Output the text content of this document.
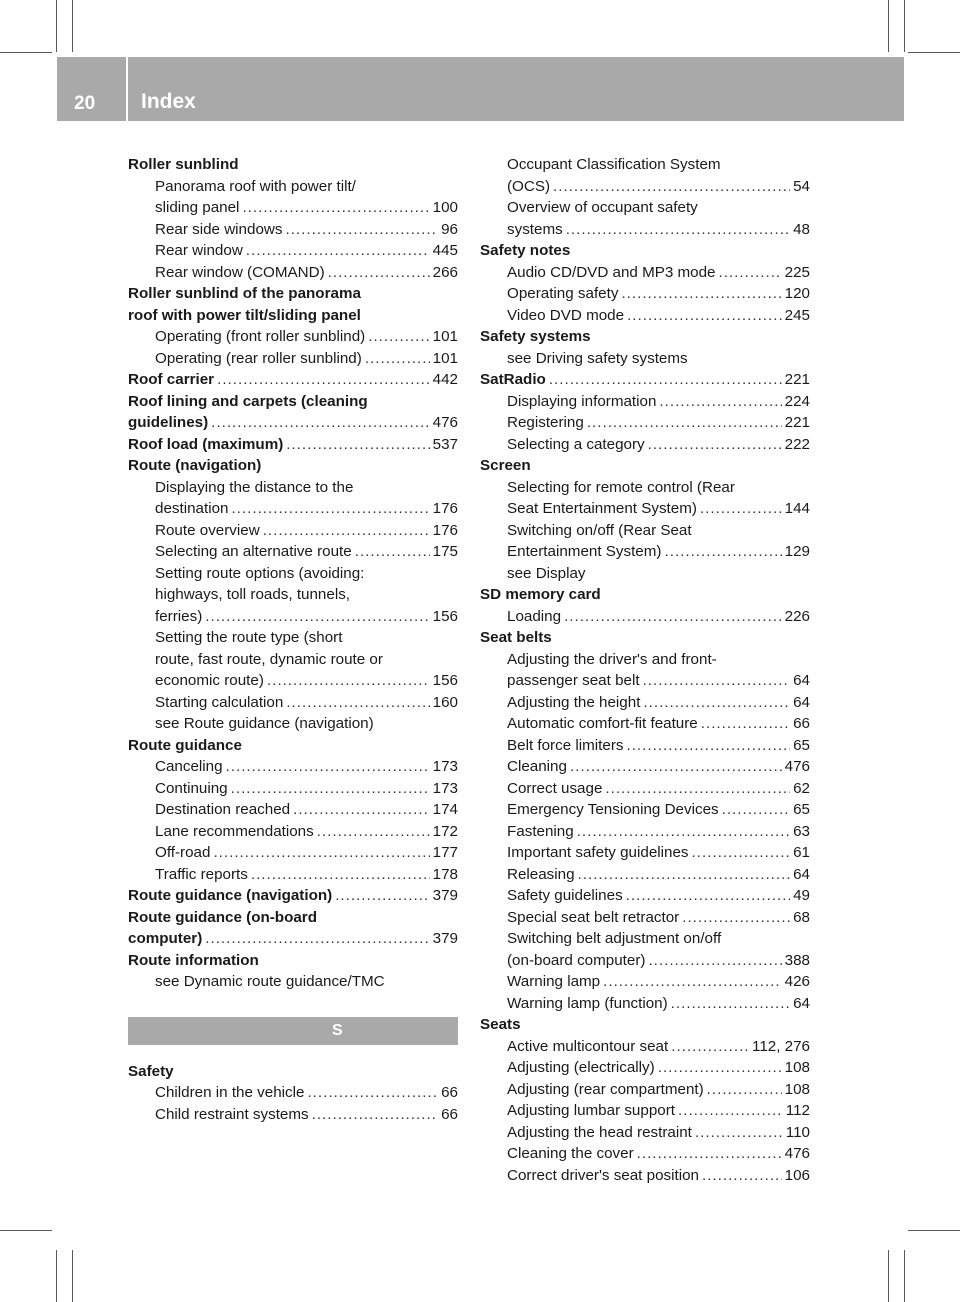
20	Index
Roller sunblind
Panorama roof with power tilt/
sliding panel .....	100
Rear side windows .....	96
Rear window .....	445
Rear window (COMAND) .....	266
Roller sunblind of the panorama
roof with power tilt/sliding panel
Operating (front roller sunblind) .....	101
Operating (rear roller sunblind) .....	101
Roof carrier .....	442
Roof lining and carpets (cleaning
guidelines) .....	476
Roof load (maximum) .....	537
Route (navigation)
Displaying the distance to the
destination .....	176
Route overview .....	176
Selecting an alternative route .....	175
Setting route options (avoiding:
highways, toll roads, tunnels,
ferries) .....	156
Setting the route type (short
route, fast route, dynamic route or
economic route) .....	156
Starting calculation .....	160
see Route guidance (navigation)
Route guidance
Canceling .....	173
Continuing .....	173
Destination reached .....	174
Lane recommendations .....	172
Off-road .....	177
Traffic reports .....	178
Route guidance (navigation) .....	379
Route guidance (on-board
computer) .....	379
Route information
see Dynamic route guidance/TMC
S
Safety
Children in the vehicle .....	66
Child restraint systems .....	66
Occupant Classification System
(OCS) .....	54
Overview of occupant safety
systems .....	48
Safety notes
Audio CD/DVD and MP3 mode .....	225
Operating safety .....	120
Video DVD mode .....	245
Safety systems
see Driving safety systems
SatRadio .....	221
Displaying information .....	224
Registering .....	221
Selecting a category .....	222
Screen
Selecting for remote control (Rear
Seat Entertainment System) .....	144
Switching on/off (Rear Seat
Entertainment System) .....	129
see Display
SD memory card
Loading .....	226
Seat belts
Adjusting the driver's and front-
passenger seat belt .....	64
Adjusting the height .....	64
Automatic comfort-fit feature .....	66
Belt force limiters .....	65
Cleaning .....	476
Correct usage .....	62
Emergency Tensioning Devices .....	65
Fastening .....	63
Important safety guidelines .....	61
Releasing .....	64
Safety guidelines .....	49
Special seat belt retractor .....	68
Switching belt adjustment on/off
(on-board computer) .....	388
Warning lamp .....	426
Warning lamp (function) .....	64
Seats
Active multicontour seat .....	112, 276
Adjusting (electrically) .....	108
Adjusting (rear compartment) .....	108
Adjusting lumbar support .....	112
Adjusting the head restraint .....	110
Cleaning the cover .....	476
Correct driver's seat position .....	106
